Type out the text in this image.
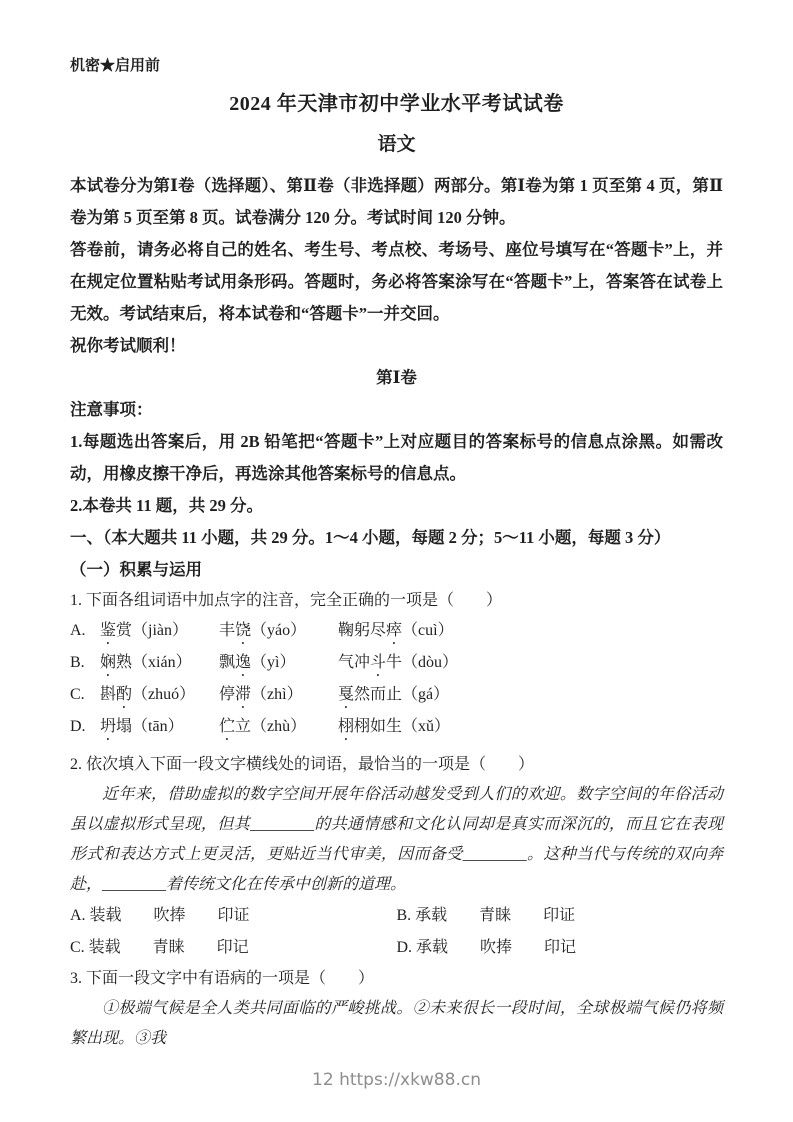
机密★启用前
2024 年天津市初中学业水平考试试卷
语文

本试卷分为第Ⅰ卷（选择题）、第Ⅱ卷（非选择题）两部分。第Ⅰ卷为第 1 页至第 4 页，第Ⅱ卷为第 5 页至第 8 页。试卷满分 120 分。考试时间 120 分钟。

答卷前，请务必将自己的姓名、考生号、考点校、考场号、座位号填写在“答题卡”上，并在规定位置粘贴考试用条形码。答题时，务必将答案涂写在“答题卡”上，答案答在试卷上无效。考试结束后，将本试卷和“答题卡”一并交回。

祝你考试顺利！

第Ⅰ卷
注意事项：

1.每题选出答案后，用 2B 铅笔把“答题卡”上对应题目的答案标号的信息点涂黑。如需改动，用橡皮擦干净后，再选涂其他答案标号的信息点。

2.本卷共 11 题，共 29 分。

一、（本大题共 11 小题，共 29 分。1～4 小题，每题 2 分；5～11 小题，每题 3 分）
（一）积累与运用
1. 下面各组词语中加点字的注音，完全正确的一项是（　　）
A. 鉴赏（jiàn） 丰饶（yáo） 鞠躬尽瘁（cuì）
B. 娴熟（xián） 飘逸（yì）	气冲斗牛（dòu）
C. 斟酌（zhuó） 停滞（zhì） 戛然而止（gá）
D. 坍塌（tān） 伫立（zhù） 栩栩如生（xǔ）
2. 依次填入下面一段文字横线处的词语，最恰当的一项是（　　）

近年来，借助虚拟的数字空间开展年俗活动越发受到人们的欢迎。数字空间的年俗活动虽以虚拟形式呈现，但其________的共通情感和文化认同却是真实而深沉的，而且它在表现形式和表达方式上更灵活，更贴近当代审美，因而备受________。这种当代与传统的双向奔赴，________着传统文化在传承中创新的道理。

A. 装载　　吹捧　　印证	B. 承载　　青睐　　印证
C. 装载　　青睐　　印记	D. 承载　　吹捧　　印记
3. 下面一段文字中有语病的一项是（　　）

①极端气候是全人类共同面临的严峻挑战。②未来很长一段时间，全球极端气候仍将频繁出现。③我

12 https://xkw88.cn
